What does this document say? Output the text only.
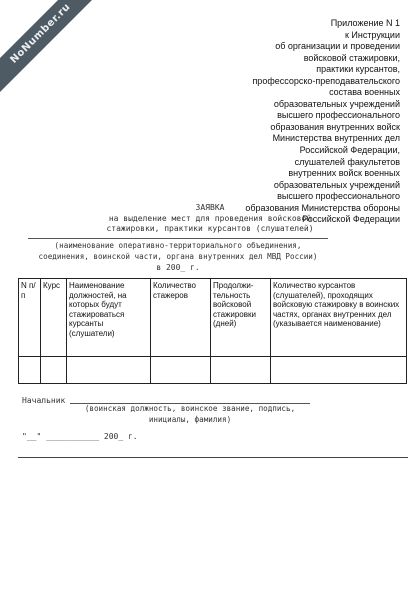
NoNumber.ru	Приложение N 1
к Инструкции
об организации и проведении
войсковой стажировки,
практики курсантов,
профессорско-преподавательского
состава военных
образовательных учреждений
высшего профессионального
образования внутренних войск
Министерства внутренних дел
Российской Федерации,
слушателей факультетов
внутренних войск военных
образовательных учреждений
высшего профессионального
образования Министерства обороны
Российской Федерации
ЗАЯВКА
на выделение мест для проведения войсковой
стажировки, практики курсантов (слушателей)
(наименование оперативно-территориального объединения,
соединения, воинской части, органа внутренних дел МВД России)
в 200_ г.
N п/п	Курс	Наименование должностей, на которых будут стажироваться курсанты (слушатели)	Количество стажеров	Продолжи- тельность войсковой стажировки (дней)	Количество курсантов (слушателей), проходящих войсковую стажировку в воинских частях, органах внутренних дел (указывается наименование)

Начальник
(воинская должность, воинское звание, подпись,
инициалы, фамилия)
"__" ___________ 200_ г.
